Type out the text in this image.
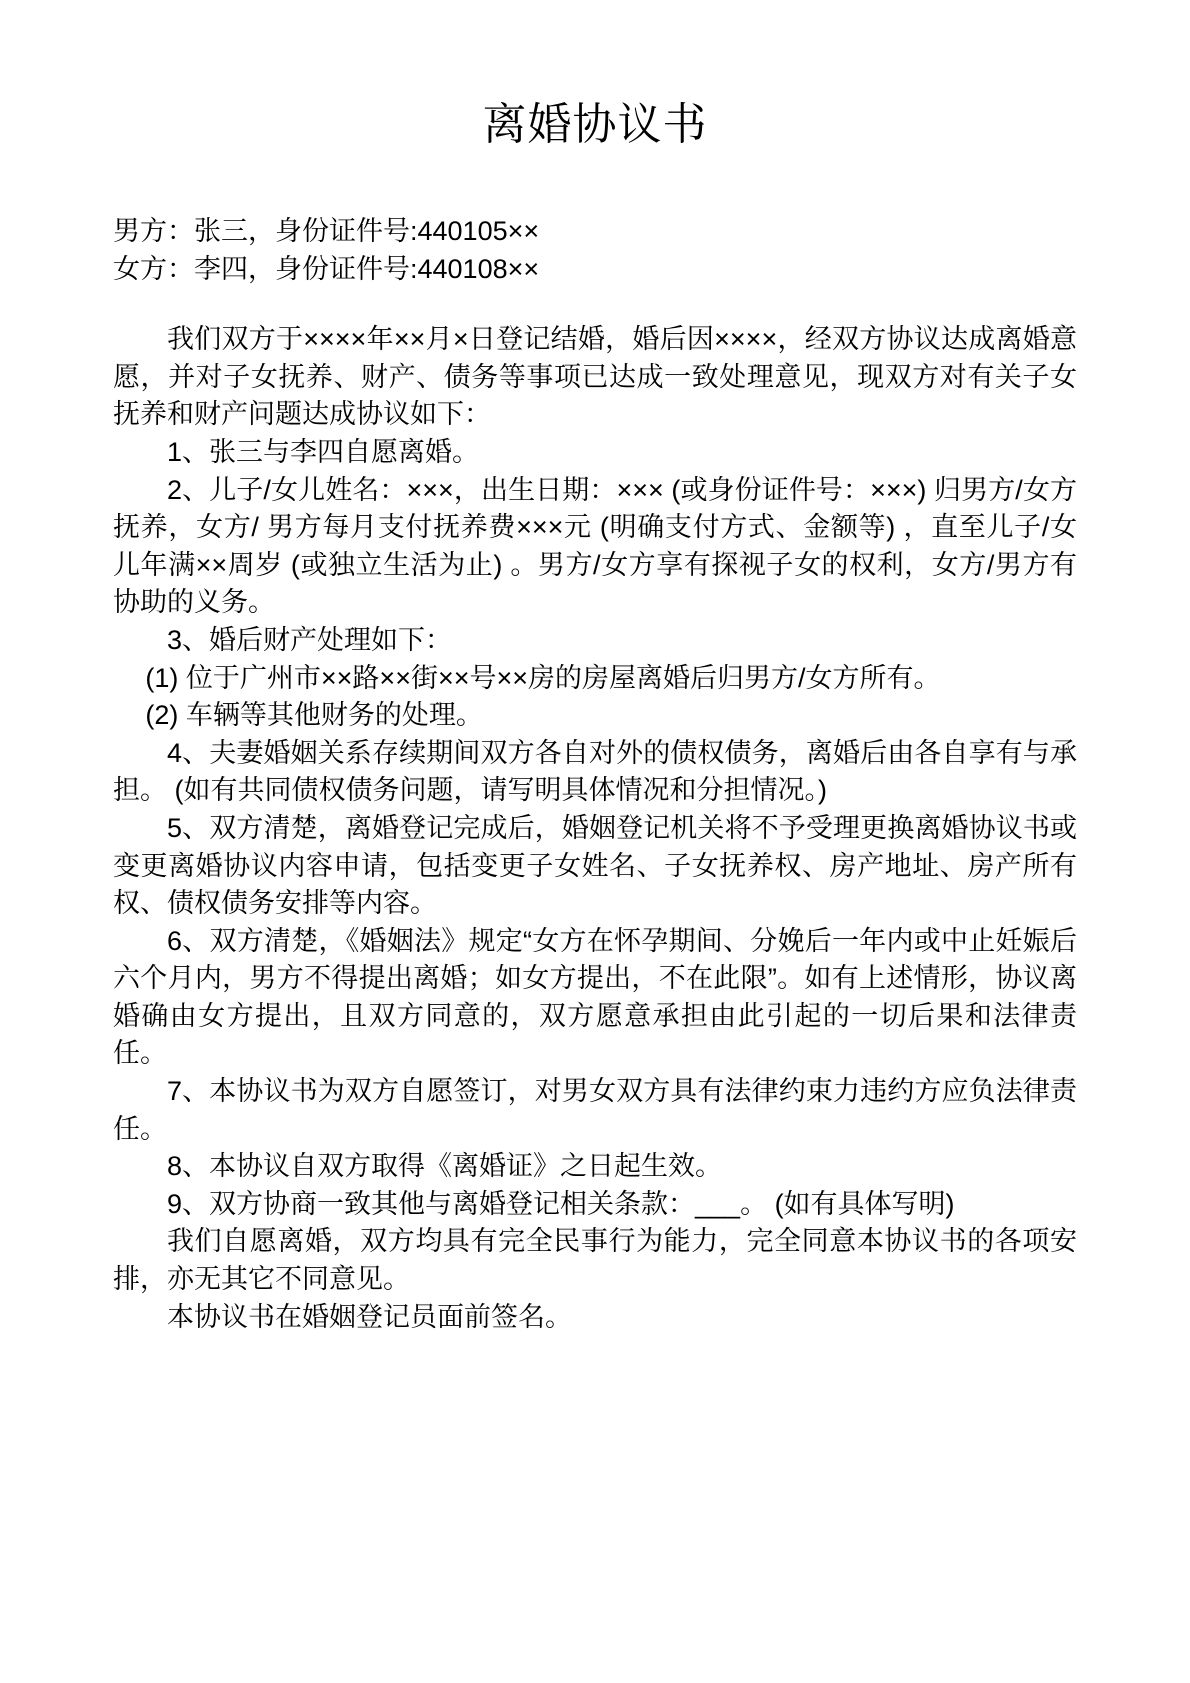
离婚协议书

男方：张三，身份证件号:440105××

女方：李四，身份证件号:440108××

我们双方于××××年××月×日登记结婚，婚后因××××，经双方协议达成离婚意愿，并对子女抚养、财产、债务等事项已达成一致处理意见，现双方对有关子女抚养和财产问题达成协议如下：

1、张三与李四自愿离婚。

2、儿子/女儿姓名：×××，出生日期：××× (或身份证件号：×××) 归男方/女方抚养，女方/ 男方每月支付抚养费×××元 (明确支付方式、金额等) ，直至儿子/女儿年满××周岁 (或独立生活为止) 。男方/女方享有探视子女的权利，女方/男方有协助的义务。

3、婚后财产处理如下：

(1) 位于广州市××路××街××号××房的房屋离婚后归男方/女方所有。

(2) 车辆等其他财务的处理。

4、夫妻婚姻关系存续期间双方各自对外的债权债务，离婚后由各自享有与承担。 (如有共同债权债务问题，请写明具体情况和分担情况。)

5、双方清楚，离婚登记完成后，婚姻登记机关将不予受理更换离婚协议书或变更离婚协议内容申请，包括变更子女姓名、子女抚养权、房产地址、房产所有权、债权债务安排等内容。

6、双方清楚，《婚姻法》规定“女方在怀孕期间、分娩后一年内或中止妊娠后六个月内，男方不得提出离婚；如女方提出，不在此限”。如有上述情形，协议离婚确由女方提出，且双方同意的，双方愿意承担由此引起的一切后果和法律责任。

7、本协议书为双方自愿签订，对男女双方具有法律约束力违约方应负法律责任。

8、本协议自双方取得《离婚证》之日起生效。

9、双方协商一致其他与离婚登记相关条款：___。 (如有具体写明)

我们自愿离婚，双方均具有完全民事行为能力，完全同意本协议书的各项安排，亦无其它不同意见。

本协议书在婚姻登记员面前签名。
